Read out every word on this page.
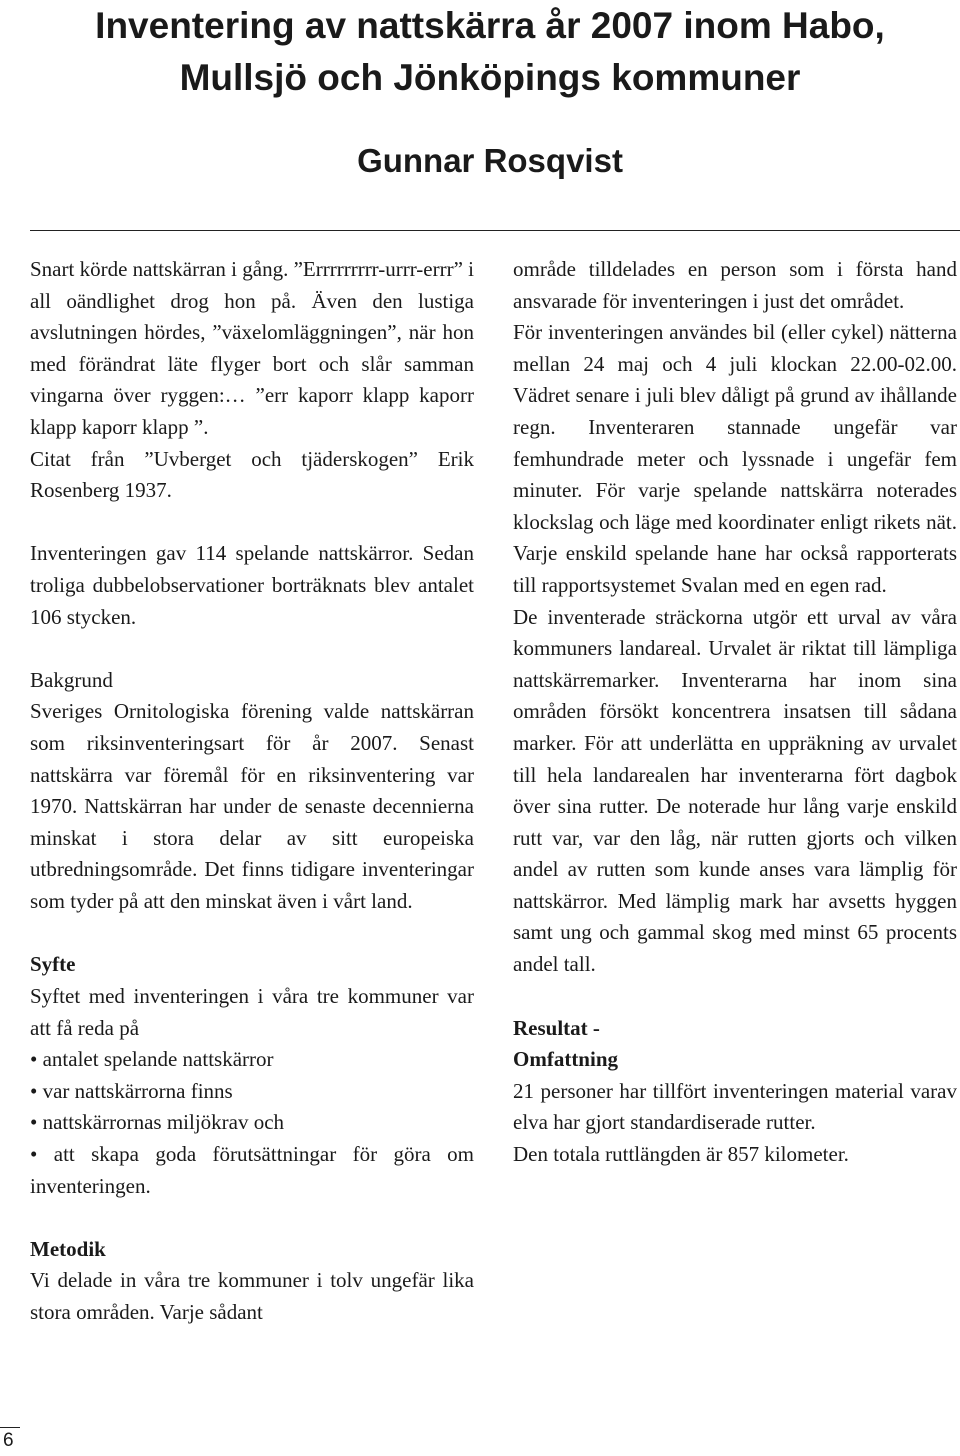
Inventering av nattskärra år 2007 inom Habo,
Mullsjö och Jönköpings kommuner
Gunnar Rosqvist

Snart körde nattskärran i gång. ”Errrrrrrrr-urrr-errr” i all oändlighet drog hon på. Även den lustiga avslutningen hördes, ”växelomläggningen”, när hon med förändrat läte flyger bort och slår samman vingarna över ryggen:… ”err kaporr klapp kaporr klapp kaporr klapp ”.

Citat från ”Uvberget och tjäderskogen” Erik Rosenberg 1937.

Inventeringen gav 114 spelande nattskärror. Sedan troliga dubbelobservationer borträknats blev antalet 106 stycken.

Bakgrund

Sveriges Ornitologiska förening valde nattskärran som riksinventeringsart för år 2007. Senast nattskärra var föremål för en riksinventering var 1970. Nattskärran har under de senaste decennierna minskat i stora delar av sitt europeiska utbredningsområde. Det finns tidigare inventeringar som tyder på att den minskat även i vårt land.

Syfte

Syftet med inventeringen i våra tre kommuner var att få reda på

• antalet spelande nattskärror

• var nattskärrorna finns

• nattskärrornas miljökrav och

• att skapa goda förutsättningar för göra om inventeringen.

Metodik

Vi delade in våra tre kommuner i tolv ungefär lika stora områden. Varje sådant

område tilldelades en person som i första hand ansvarade för inventeringen i just det området.

För inventeringen användes bil (eller cykel) nätterna mellan 24 maj och 4 juli klockan 22.00-02.00. Vädret senare i juli blev dåligt på grund av ihållande regn. Inventeraren stannade ungefär var femhundrade meter och lyssnade i ungefär fem minuter. För varje spelande nattskärra noterades klockslag och läge med koordinater enligt rikets nät. Varje enskild spelande hane har också rapporterats till rapportsystemet Svalan med en egen rad.

De inventerade sträckorna utgör ett urval av våra kommuners landareal. Urvalet är riktat till lämpliga nattskärremarker. Inventerarna har inom sina områden försökt koncentrera insatsen till sådana marker. För att underlätta en uppräkning av urvalet till hela landarealen har inventerarna fört dagbok över sina rutter. De noterade hur lång varje enskild rutt var, var den låg, när rutten gjorts och vilken andel av rutten som kunde anses vara lämplig för nattskärror. Med lämplig mark har avsetts hyggen samt ung och gammal skog med minst 65 procents andel tall.

Resultat -
Omfattning

21 personer har tillfört inventeringen material varav elva har gjort standardiserade rutter.

Den totala ruttlängden är 857 kilometer.

6
